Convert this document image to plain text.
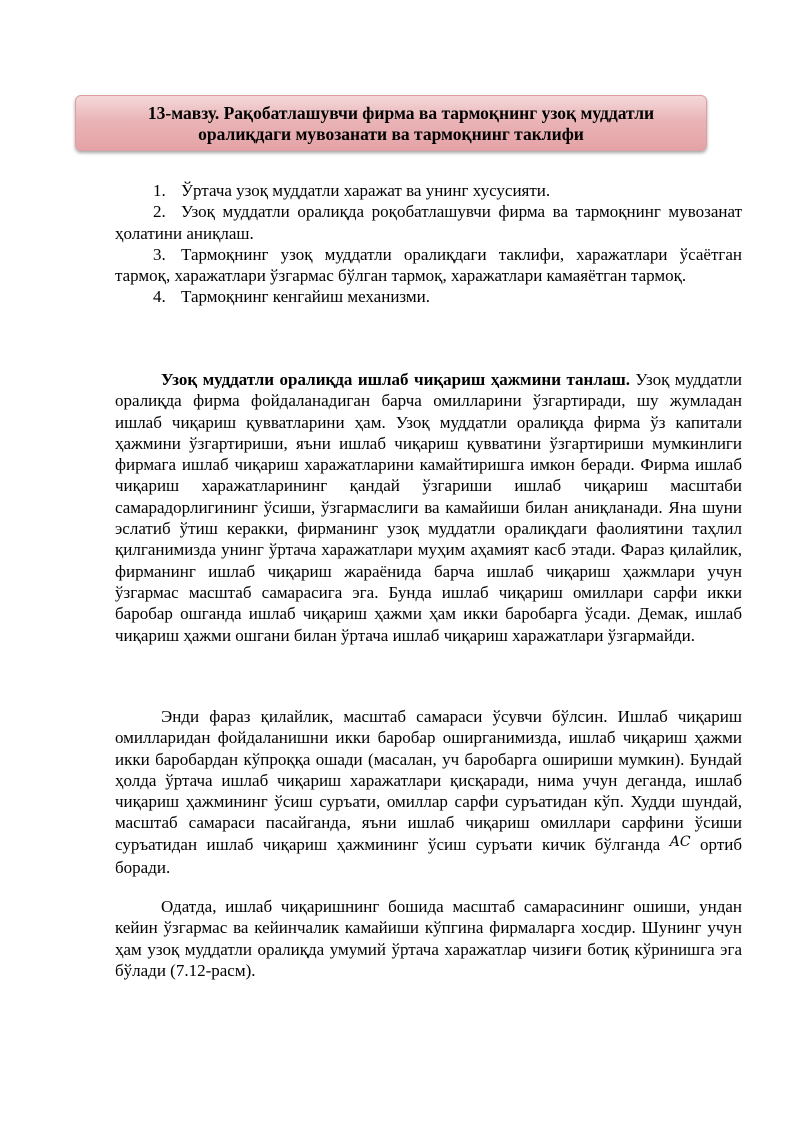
13-мавзу. Рақобатлашувчи фирма ва тармоқнинг узоқ муддатли
оралиқдаги мувозанати ва тармоқнинг таклифи
1. Ўртача узоқ муддатли харажат ва унинг хусусияти.
2. Узоқ муддатли оралиқда роқобатлашувчи фирма ва тармоқнинг мувозанат ҳолатини аниқлаш.
3. Тармоқнинг узоқ муддатли оралиқдаги таклифи, харажатлари ўсаётган тармоқ, харажатлари ўзгармас бўлган тармоқ, харажатлари камаяётган тармоқ.
4. Тармоқнинг кенгайиш механизми.

Узоқ муддатли оралиқда ишлаб чиқариш ҳажмини танлаш. Узоқ муддатли оралиқда фирма фойдаланадиган барча омилларини ўзгартиради, шу жумладан ишлаб чиқариш қувватларини ҳам. Узоқ муддатли оралиқда фирма ўз капитали ҳажмини ўзгартириши, яъни ишлаб чиқариш қувватини ўзгартириши мумкинлиги фирмага ишлаб чиқариш харажатларини камайтиришга имкон беради. Фирма ишлаб чиқариш харажатларининг қандай ўзгариши ишлаб чиқариш масштаби самарадорлигининг ўсиши, ўзгармаслиги ва камайиши билан аниқланади. Яна шуни эслатиб ўтиш керакки, фирманинг узоқ муддатли оралиқдаги фаолиятини таҳлил қилганимизда унинг ўртача харажатлари муҳим аҳамият касб этади. Фараз қилайлик, фирманинг ишлаб чиқариш жараёнида барча ишлаб чиқариш ҳажмлари учун ўзгармас масштаб самарасига эга. Бунда ишлаб чиқариш омиллари сарфи икки баробар ошганда ишлаб чиқариш ҳажми ҳам икки баробарга ўсади. Демак, ишлаб чиқариш ҳажми ошгани билан ўртача ишлаб чиқариш харажатлари ўзгармайди.

Энди фараз қилайлик, масштаб самараси ўсувчи бўлсин. Ишлаб чиқариш омилларидан фойдаланишни икки баробар оширганимизда, ишлаб чиқариш ҳажми икки баробардан кўпроққа ошади (масалан, уч баробарга ошириши мумкин). Бундай ҳолда ўртача ишлаб чиқариш харажатлари қисқаради, нима учун деганда, ишлаб чиқариш ҳажмининг ўсиш суръати, омиллар сарфи суръатидан кўп. Худди шундай, масштаб самараси пасайганда, яъни ишлаб чиқариш омиллари сарфини ўсиши суръатидан ишлаб чиқариш ҳажмининг ўсиш суръати кичик бўлганда $^{AC}$ ортиб боради.

Одатда, ишлаб чиқаришнинг бошида масштаб самарасининг ошиши, ундан кейин ўзгармас ва кейинчалик камайиши кўпгина фирмаларга хосдир. Шунинг учун ҳам узоқ муддатли оралиқда умумий ўртача харажатлар чизиғи ботиқ кўринишга эга бўлади (7.12-расм).
